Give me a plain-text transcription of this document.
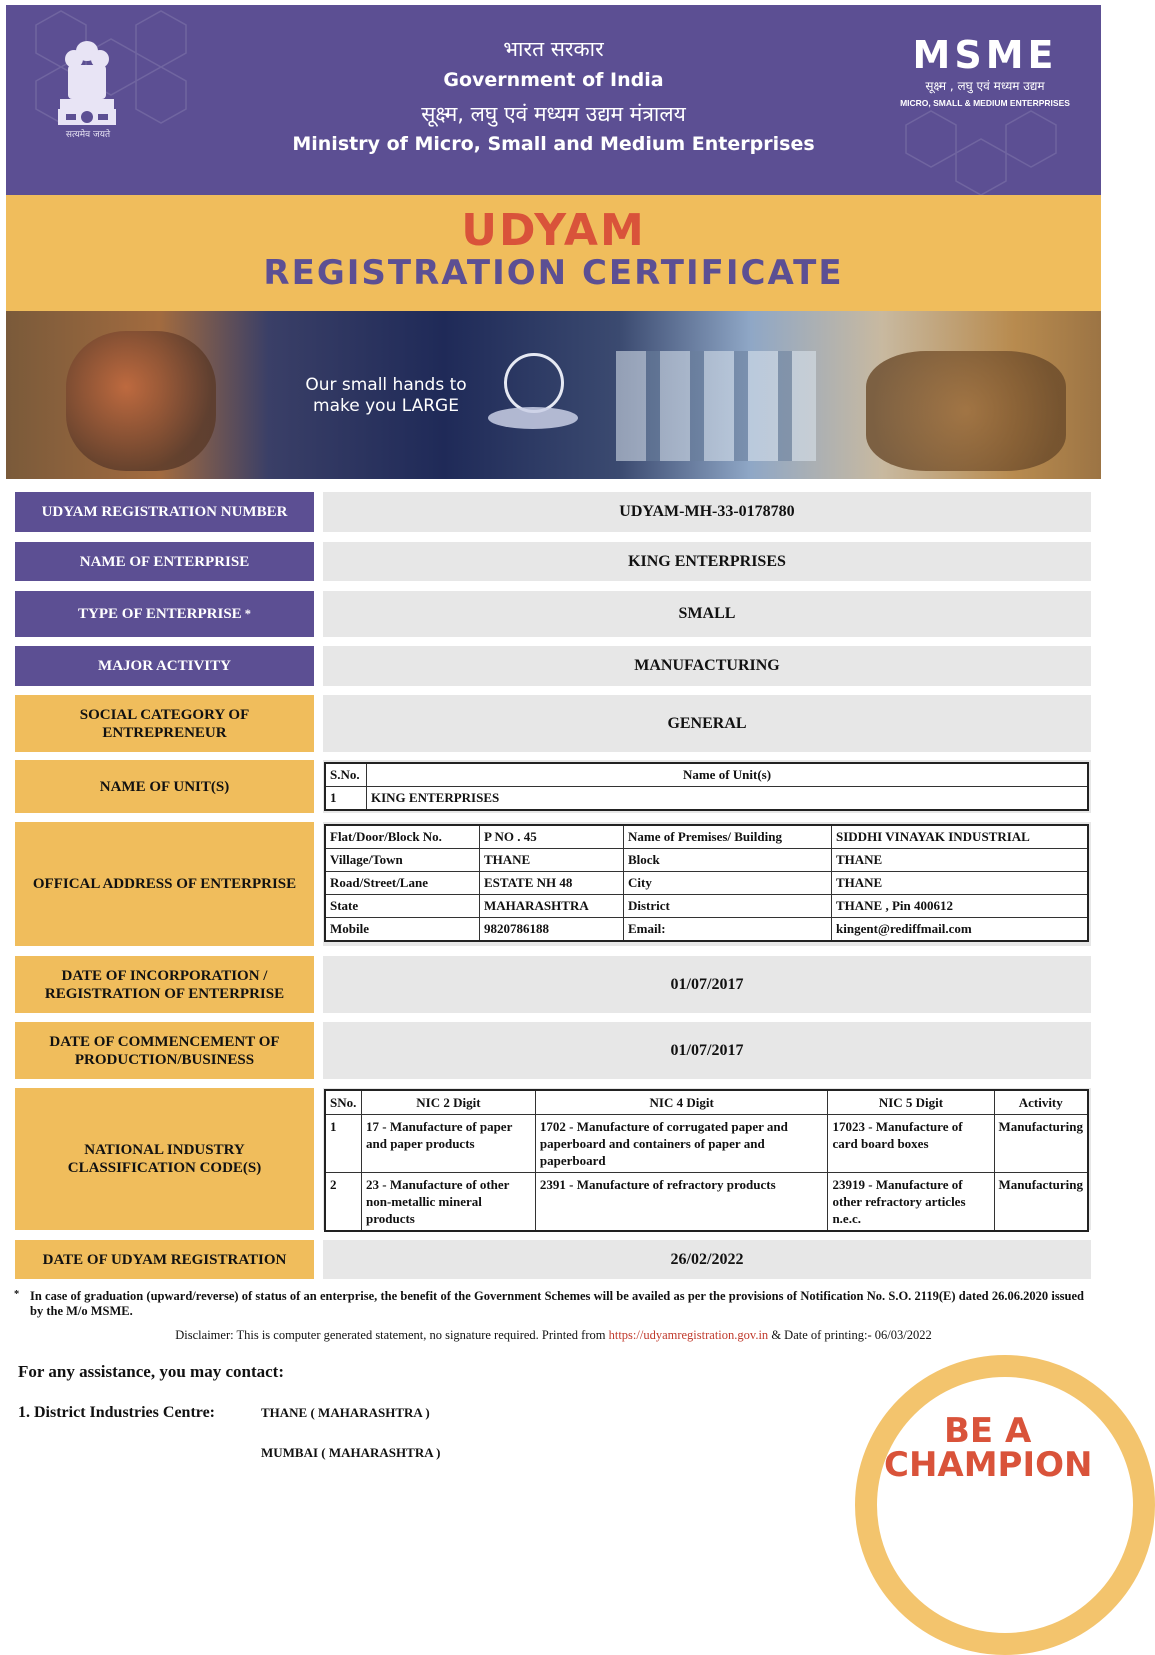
सत्यमेव जयते
भारत सरकार
Government of India
सूक्ष्म, लघु एवं मध्यम उद्यम मंत्रालय
Ministry of Micro, Small and Medium Enterprises
MSME
सूक्ष्म , लघु एवं मध्यम उद्यम
MICRO, SMALL & MEDIUM ENTERPRISES
UDYAM
REGISTRATION CERTIFICATE
Our small hands to
make you LARGE
UDYAM REGISTRATION NUMBER	UDYAM-MH-33-0178780
NAME OF ENTERPRISE	KING ENTERPRISES
TYPE OF ENTERPRISE *	SMALL
MAJOR ACTIVITY	MANUFACTURING
SOCIAL CATEGORY OF
ENTREPRENEUR
GENERAL
NAME OF UNIT(S)
S.No.	Name of Unit(s)
1	KING ENTERPRISES
OFFICAL ADDRESS OF ENTERPRISE
Flat/Door/Block No.	P NO . 45	Name of Premises/ Building	SIDDHI VINAYAK INDUSTRIAL
Village/Town	THANE	Block	THANE
Road/Street/Lane	ESTATE NH 48	City	THANE
State	MAHARASHTRA	District	THANE , Pin 400612
Mobile	9820786188	Email:	kingent@rediffmail.com
DATE OF INCORPORATION /
REGISTRATION OF ENTERPRISE
01/07/2017
DATE OF COMMENCEMENT OF
PRODUCTION/BUSINESS
01/07/2017
NATIONAL INDUSTRY
CLASSIFICATION CODE(S)
SNo.	NIC 2 Digit	NIC 4 Digit	NIC 5 Digit	Activity
1	17 - Manufacture of paper and paper products	1702 - Manufacture of corrugated paper and paperboard and containers of paper and paperboard	17023 - Manufacture of card board boxes	Manufacturing
2	23 - Manufacture of other non-metallic mineral products	2391 - Manufacture of refractory products	23919 - Manufacture of other refractory articles n.e.c.	Manufacturing
DATE OF UDYAM REGISTRATION	26/02/2022
* In case of graduation (upward/reverse) of status of an enterprise, the benefit of the Government Schemes will be availed as per the provisions of Notification No. S.O. 2119(E) dated 26.06.2020 issued by the M/o MSME.
Disclaimer: This is computer generated statement, no signature required. Printed from https://udyamregistration.gov.in & Date of printing:- 06/03/2022
For any assistance, you may contact:
1. District Industries Centre:	THANE ( MAHARASHTRA )
MUMBAI ( MAHARASHTRA )
BE A
CHAMPION
